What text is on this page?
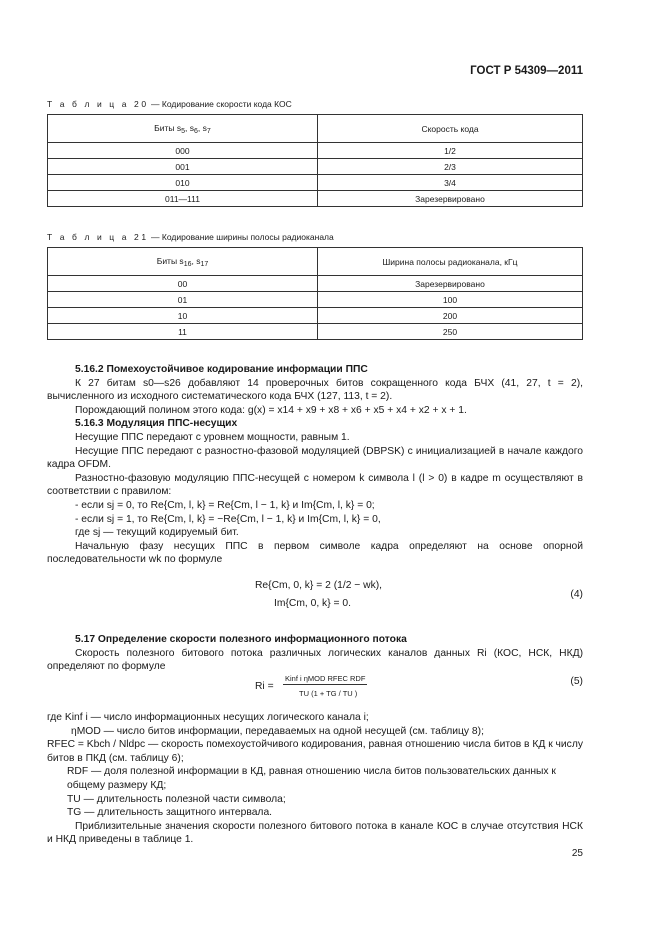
ГОСТ Р 54309—2011
Т а б л и ц а 20 — Кодирование скорости кода КОС
Биты $s_5$, $s_6$, $s_7$	Скорость кода
000	1/2
001	2/3
010	3/4
011—111	Зарезервировано
Т а б л и ц а 21 — Кодирование ширины полосы радиоканала
Биты $s_{16}$, $s_{17}$	Ширина полосы радиоканала, кГц
00	Зарезервировано
01	100
10	200
11	250
5.16.2 Помехоустойчивое кодирование информации ППС
К 27 битам s0—s26 добавляют 14 проверочных битов сокращенного кода БЧХ (41, 27, t = 2), вычисленного из исходного систематического кода БЧХ (127, 113, t = 2).
Порождающий полином этого кода: g(x) = x14 + x9 + x8 + x6 + x5 + x4 + x2 + x + 1.
5.16.3 Модуляция ППС-несущих
Несущие ППС передают с уровнем мощности, равным 1.
Несущие ППС передают с разностно-фазовой модуляцией (DBPSK) с инициализацией в начале каждого кадра OFDM.
Разностно-фазовую модуляцию ППС-несущей с номером k символа l (l > 0) в кадре m осуществляют в соответствии с правилом:
- если sj = 0, то Re{Cm, l, k} = Re{Cm, l − 1, k} и Im{Cm, l, k} = 0;
- если sj = 1, то Re{Cm, l, k} = −Re{Cm, l − 1, k} и Im{Cm, l, k} = 0,
где sj — текущий кодируемый бит.
Начальную фазу несущих ППС в первом символе кадра определяют на основе опорной последовательности wk по формуле
Re{Cm, 0, k} = 2 (1/2 − wk),
Im{Cm, 0, k} = 0.
(4)
5.17 Определение скорости полезного информационного потока
Скорость полезного битового потока различных логических каналов данных Ri (КОС, НСК, НКД) определяют по формуле
Ri =
Kinf i ηMOD RFEC RDF
TU (1 + TG / TU )
(5)
где Kinf i — число информационных несущих логического канала i;
ηMOD — число битов информации, передаваемых на одной несущей (см. таблицу 8);
RFEC = Kbch / Nldpc — скорость помехоустойчивого кодирования, равная отношению числа битов в КД к числу битов в ПКД (см. таблицу 6);
RDF — доля полезной информации в КД, равная отношению числа битов пользовательских данных к общему размеру КД;
TU — длительность полезной части символа;
TG — длительность защитного интервала.
Приблизительные значения скорости полезного битового потока в канале КОС в случае отсутствия НСК и НКД приведены в таблице 1.
25
